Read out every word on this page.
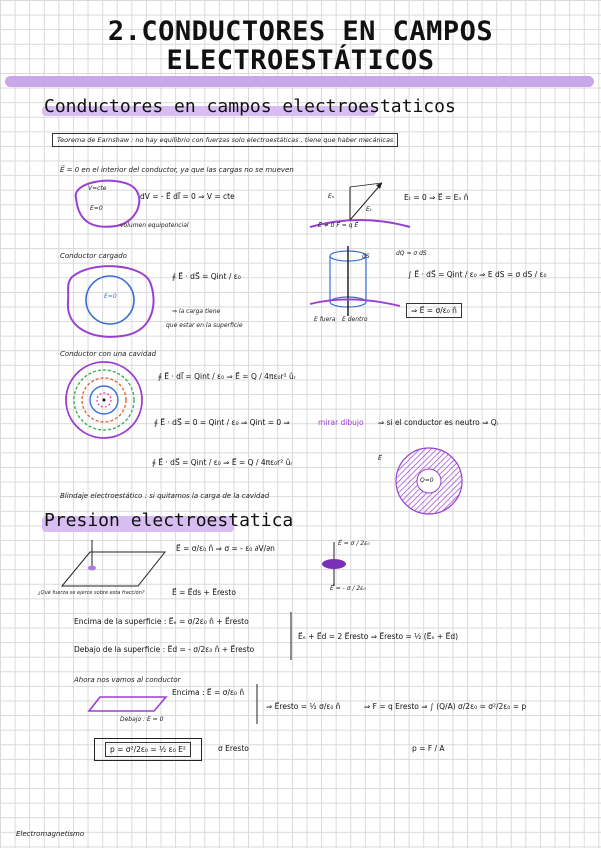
2.CONDUCTORES EN CAMPOS
ELECTROESTÁTICOS
Conductores en campos electroestaticos
Teorema de Earnshaw : no hay equilibrio con fuerzas solo electroestáticas , tiene que haber mecánicas
E⃗ = 0 en el interior del conductor, ya que las cargas no se mueven
V=cte
E=0
dV = - E⃗ dl⃗ = 0 ⇒ V = cte
volumen equipotencial
Eₙ
Eₜ
Eₜ = 0 ⇒ E⃗ = Eₙ n̂
E⃗ ≠ 0 F⃗ = q E⃗
Conductor cargado
E=0
∮ E⃗ · dS⃗ = Qint / ε₀
⇒ la carga tiene
que estar en la superficie
dS
E fuera E dentro
dQ = σ dS
∫ E⃗ · dS⃗ = Qint / ε₀ ⇒ E dS = σ dS / ε₀
⇒ E⃗ = σ/ε₀ n̂
Conductor con una cavidad
∮ E⃗ · dl⃗ = Qint / ε₀ ⇒ E⃗ = Q / 4πε₀r² ûᵣ
∮ E⃗ · dS⃗ = 0 = Qint / ε₀ ⇒ Qint = 0 ⇒	mirar dibujo ⇒ si el conductor es neutro ⇒ Qᵢ
∮ E⃗ · dS⃗ = Qint / ε₀ ⇒ E⃗ = Q / 4πε₀r² ûᵣ
Q=0
E⃗
Blindaje electroestático : si quitamos la carga de la cavidad
Presion electroestatica
E⃗ = σ/ε₀ n̂ ⇒ σ = - ε₀ ∂V/∂n
E⃗ = σ / 2ε₀
E⃗ = - σ / 2ε₀
¿Qué fuerza se ejerce sobre esta fracción?	E⃗ = E⃗ds + E⃗resto
Encima de la superficie : E⃗ₑ = σ/2ε₀ n̂ + E⃗resto
Debajo de la superficie : E⃗d = - σ/2ε₀ n̂ + E⃗resto
E⃗ₑ + E⃗d = 2 E⃗resto ⇒ E⃗resto = ½ (E⃗ₑ + E⃗d)
Ahora nos vamos al conductor
Encima : E⃗ = σ/ε₀ n̂
Debajo : E = 0
⇒ E⃗resto = ½ σ/ε₀ n̂	⇒ F = q Eresto ⇒ ∫ (Q/A) σ/2ε₀ = σ²/2ε₀ = p
p = σ²/2ε₀ = ½ ε₀ E²	σ Eresto	p = F / A
Electromagnetismo
